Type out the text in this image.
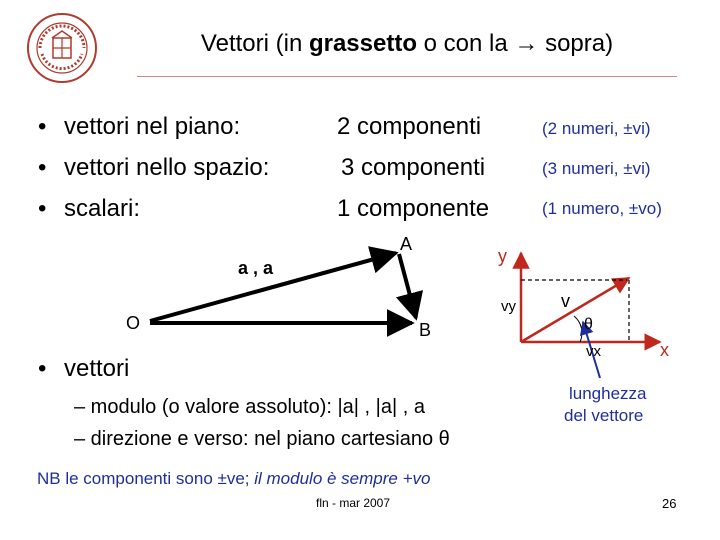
Vettori (in grassetto o con la → sopra)
• vettori nel piano:	2 componenti	(2 numeri, ±vi)
• vettori nello spazio:	3 componenti	(3 numeri, ±vi)
• scalari:	1 componente	(1 numero, ±vo)
O
A
B
a , a
y
x
v
vy
vx
θ
lunghezza
del vettore
• vettori
– modulo (o valore assoluto): |a| , |a| , a
– direzione e verso: nel piano cartesiano θ
NB le componenti sono ±ve; il modulo è sempre +vo
fln - mar 2007	26
